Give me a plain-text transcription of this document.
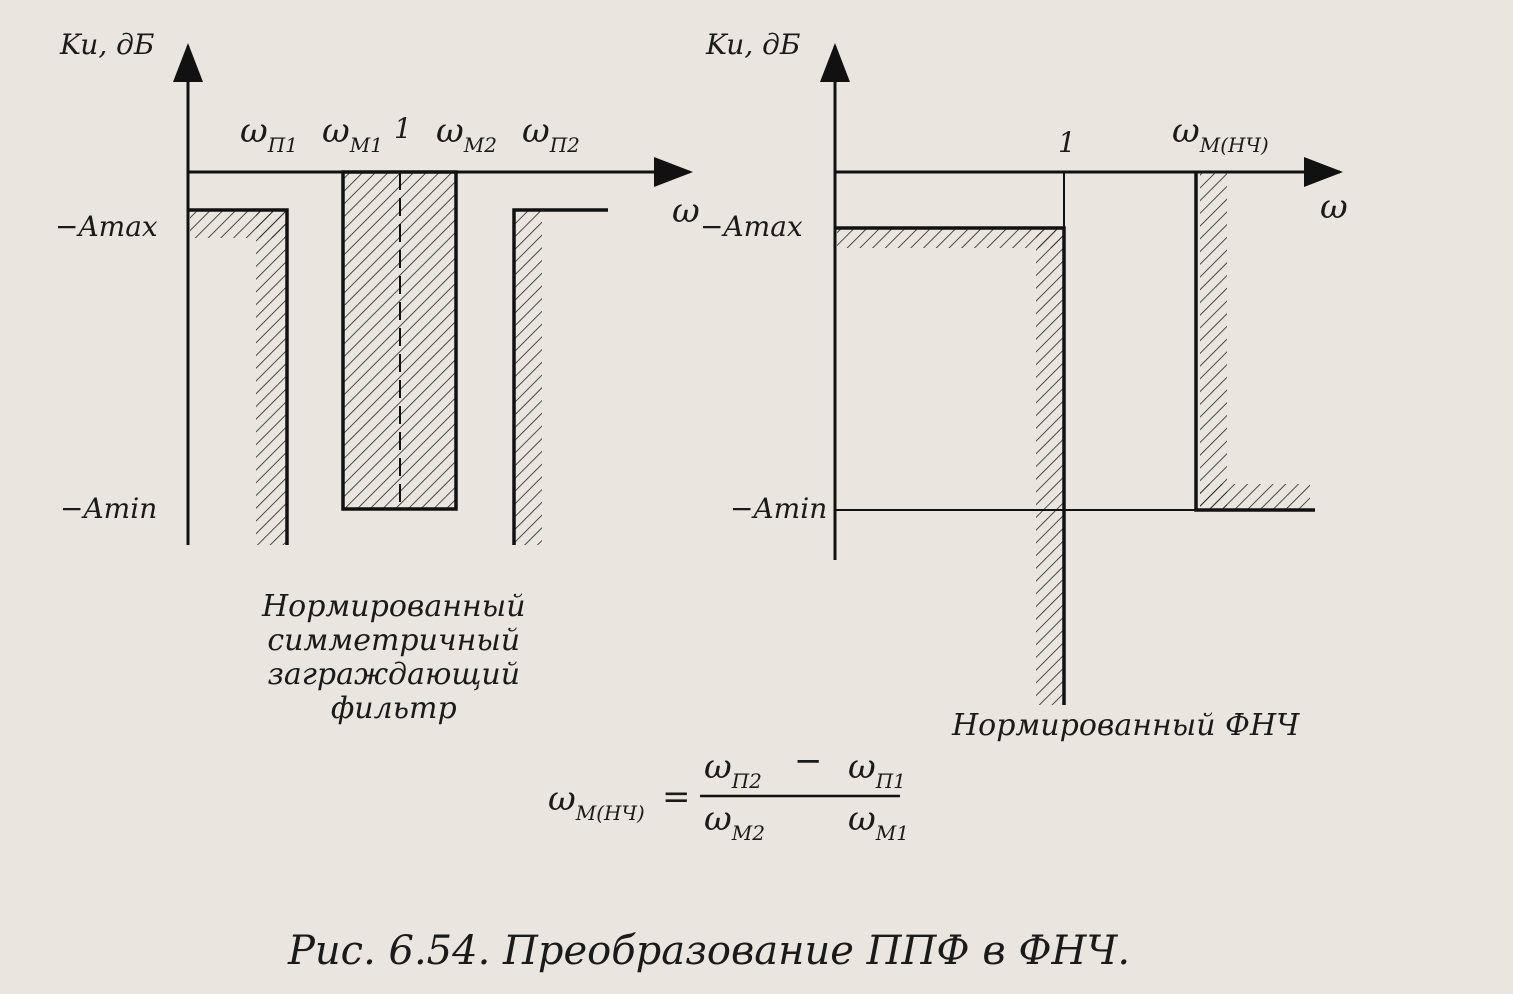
Ku, дБ
−Amax
−Amin
ω
$\omega_{П1}$ $\omega_{M1}$ 1 $\omega_{M2}$ $\omega_{П2}$
Ku, дБ
−Amax
−Amin
ω
1	$\omega_{M(НЧ)}$
$\omega_{M(НЧ)}$ =
$\omega_{П2} - \omega_{П1}$
$\omega_{M2}$ $\omega_{M1}$
Нормированный
симметричный
заграждающий
фильтр	Нормированный ФНЧ
Рис. 6.54. Преобразование ППФ в ФНЧ.
